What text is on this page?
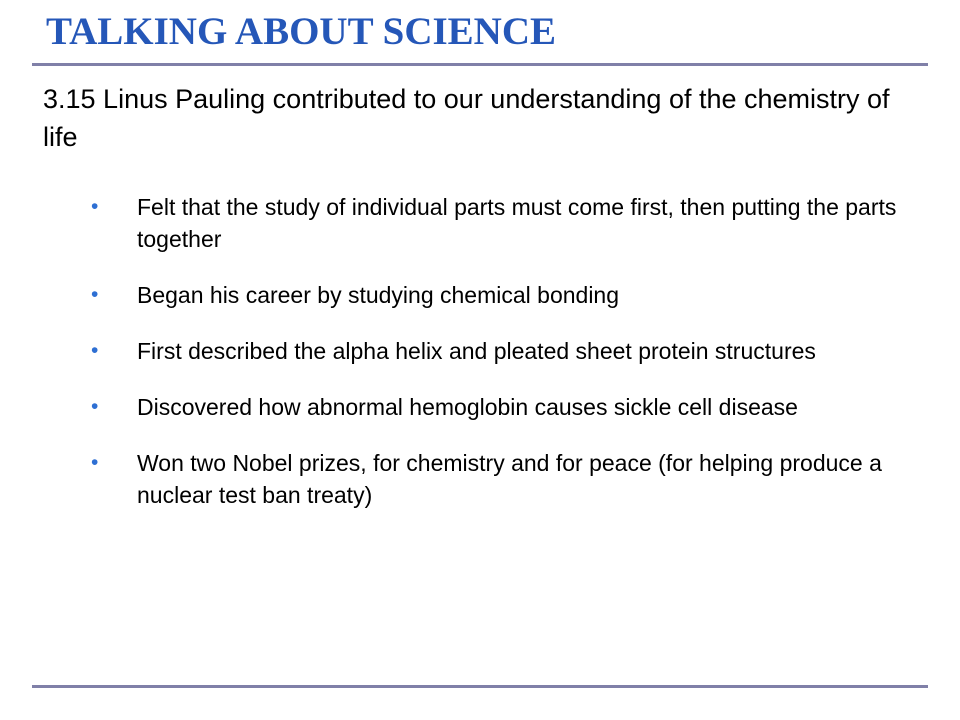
TALKING ABOUT SCIENCE

3.15 Linus Pauling contributed to our understanding of the chemistry of life

• Felt that the study of individual parts must come first, then putting the parts together
• Began his career by studying chemical bonding
• First described the alpha helix and pleated sheet protein structures
• Discovered how abnormal hemoglobin causes sickle cell disease
• Won two Nobel prizes, for chemistry and for peace (for helping produce a nuclear test ban treaty)
